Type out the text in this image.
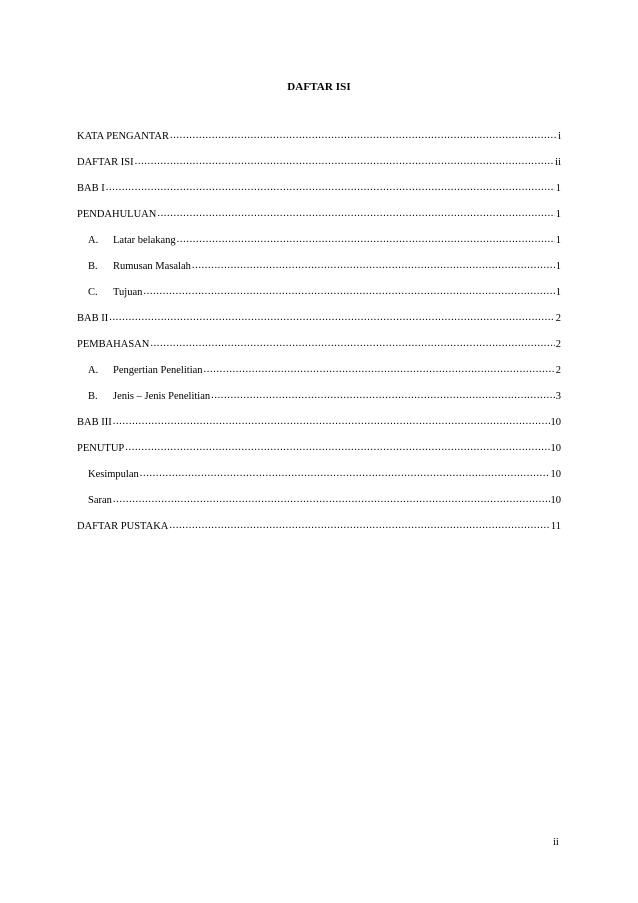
DAFTAR ISI
KATA PENGANTAR .....	i
DAFTAR ISI .....	ii
BAB I .....	1
PENDAHULUAN .....	1
A.	Latar belakang .....	1
B.	Rumusan Masalah .....	1
C.	Tujuan .....	1
BAB II .....	2
PEMBAHASAN .....	2
A.	Pengertian Penelitian .....	2
B.	Jenis – Jenis Penelitian .....	3
BAB III .....	10
PENUTUP .....	10
Kesimpulan .....	10
Saran .....	10
DAFTAR PUSTAKA .....	11
ii
